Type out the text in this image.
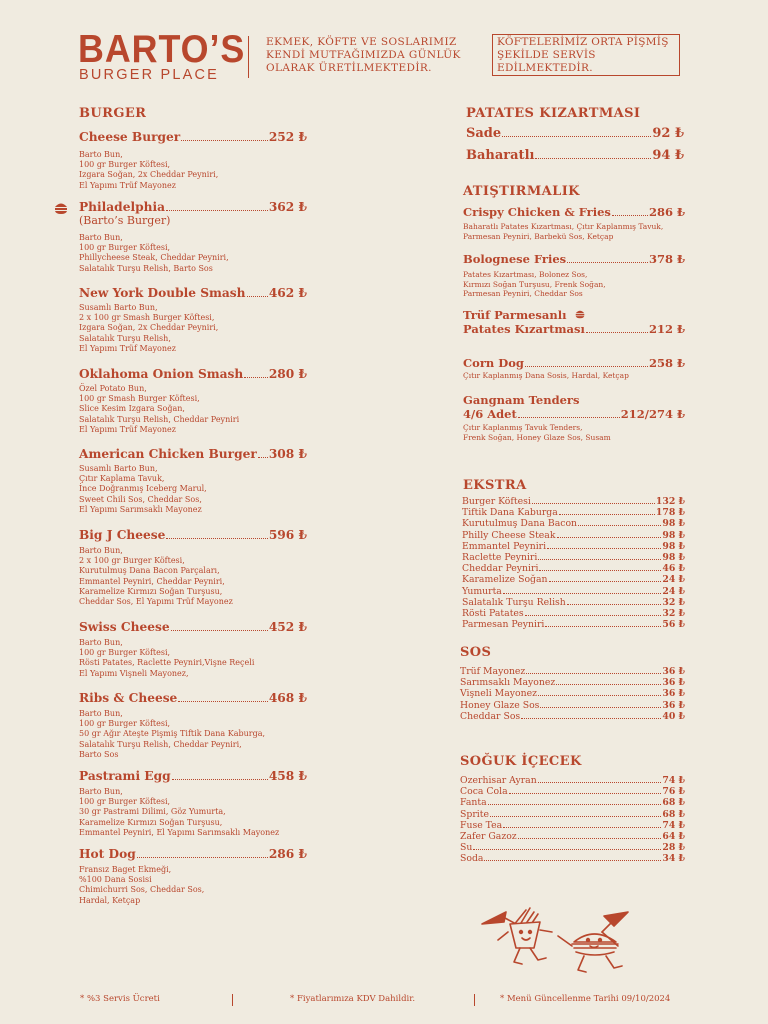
BARTO’S
BURGER PLACE
EKMEK, KÖFTE VE SOSLARIMIZ KENDİ MUTFAĞIMIZDA GÜNLÜK OLARAK ÜRETİLMEKTEDİR.
KÖFTELERİMİZ ORTA PİŞMİŞ ŞEKİLDE SERVİS EDİLMEKTEDİR.
BURGER
Cheese Burger	252 ₺
Barto Bun,
100 gr Burger Köftesi,
Izgara Soğan, 2x Cheddar Peyniri,
El Yapımı Trüf Mayonez
Philadelphia	362 ₺
(Barto’s Burger)
Barto Bun,
100 gr Burger Köftesi,
Phillycheese Steak, Cheddar Peyniri,
Salatalık Turşu Relish, Barto Sos
New York Double Smash 462 ₺
Susamlı Barto Bun,
2 x 100 gr Smash Burger Köftesi,
Izgara Soğan, 2x Cheddar Peyniri,
Salatalık Turşu Relish,
El Yapımı Trüf Mayonez
Oklahoma Onion Smash 280 ₺
Özel Potato Bun,
100 gr Smash Burger Köftesi,
Slice Kesim Izgara Soğan,
Salatalık Turşu Relish, Cheddar Peyniri
El Yapımı Trüf Mayonez
American Chicken Burger 308 ₺
Susamlı Barto Bun,
Çıtır Kaplama Tavuk,
İnce Doğranmış Iceberg Marul,
Sweet Chili Sos, Cheddar Sos,
El Yapımı Sarımsaklı Mayonez
Big J Cheese	596 ₺
Barto Bun,
2 x 100 gr Burger Köftesi,
Kurutulmuş Dana Bacon Parçaları,
Emmantel Peyniri, Cheddar Peyniri,
Karamelize Kırmızı Soğan Turşusu,
Cheddar Sos, El Yapımı Trüf Mayonez
Swiss Cheese	452 ₺
Barto Bun,
100 gr Burger Köftesi,
Rösti Patates, Raclette Peyniri,Vişne Reçeli
El Yapımı Vişneli Mayonez,
Ribs & Cheese	468 ₺
Barto Bun,
100 gr Burger Köftesi,
50 gr Ağır Ateşte Pişmiş Tiftik Dana Kaburga,
Salatalık Turşu Relish, Cheddar Peyniri,
Barto Sos
Pastrami Egg	458 ₺
Barto Bun,
100 gr Burger Köftesi,
30 gr Pastrami Dilimi, Göz Yumurta,
Karamelize Kırmızı Soğan Turşusu,
Emmantel Peyniri, El Yapımı Sarımsaklı Mayonez
Hot Dog	286 ₺
Fransız Baget Ekmeği,
%100 Dana Sosisi
Chimichurri Sos, Cheddar Sos,
Hardal, Ketçap
PATATES KIZARTMASI
Sade	92 ₺
Baharatlı	94 ₺
ATIŞTIRMALIK
Crispy Chicken & Fries	286 ₺
Baharatlı Patates Kızartması, Çıtır Kaplanmış Tavuk,
Parmesan Peyniri, Barbekü Sos, Ketçap
Bolognese Fries	378 ₺
Patates Kızartması, Bolonez Sos,
Kırmızı Soğan Turşusu, Frenk Soğan,
Parmesan Peyniri, Cheddar Sos
Trüf Parmesanlı
Patates Kızartması	212 ₺
Corn Dog	258 ₺
Çıtır Kaplanmış Dana Sosis, Hardal, Ketçap
Gangnam Tenders
4/6 Adet	212/274 ₺
Çıtır Kaplanmış Tavuk Tenders,
Frenk Soğan, Honey Glaze Sos, Susam
EKSTRA
Burger Köftesi	132 ₺
Tiftik Dana Kaburga	178 ₺
Kurutulmuş Dana Bacon	98 ₺
Philly Cheese Steak	98 ₺
Emmantel Peyniri	98 ₺
Raclette Peyniri	98 ₺
Cheddar Peyniri	46 ₺
Karamelize Soğan	24 ₺
Yumurta	24 ₺
Salatalık Turşu Relish	32 ₺
Rösti Patates	32 ₺
Parmesan Peyniri	56 ₺
SOS
Trüf Mayonez	36 ₺
Sarımsaklı Mayonez	36 ₺
Vişneli Mayonez	36 ₺
Honey Glaze Sos	36 ₺
Cheddar Sos	40 ₺
SOĞUK İÇECEK
Ozerhisar Ayran	74 ₺
Coca Cola	76 ₺
Fanta	68 ₺
Sprite	68 ₺
Fuse Tea	74 ₺
Zafer Gazoz	64 ₺
Su	28 ₺
Soda	34 ₺
* %3 Servis Ücreti	* Fiyatlarımıza KDV Dahildir.	* Menü Güncellenme Tarihi 09/10/2024
